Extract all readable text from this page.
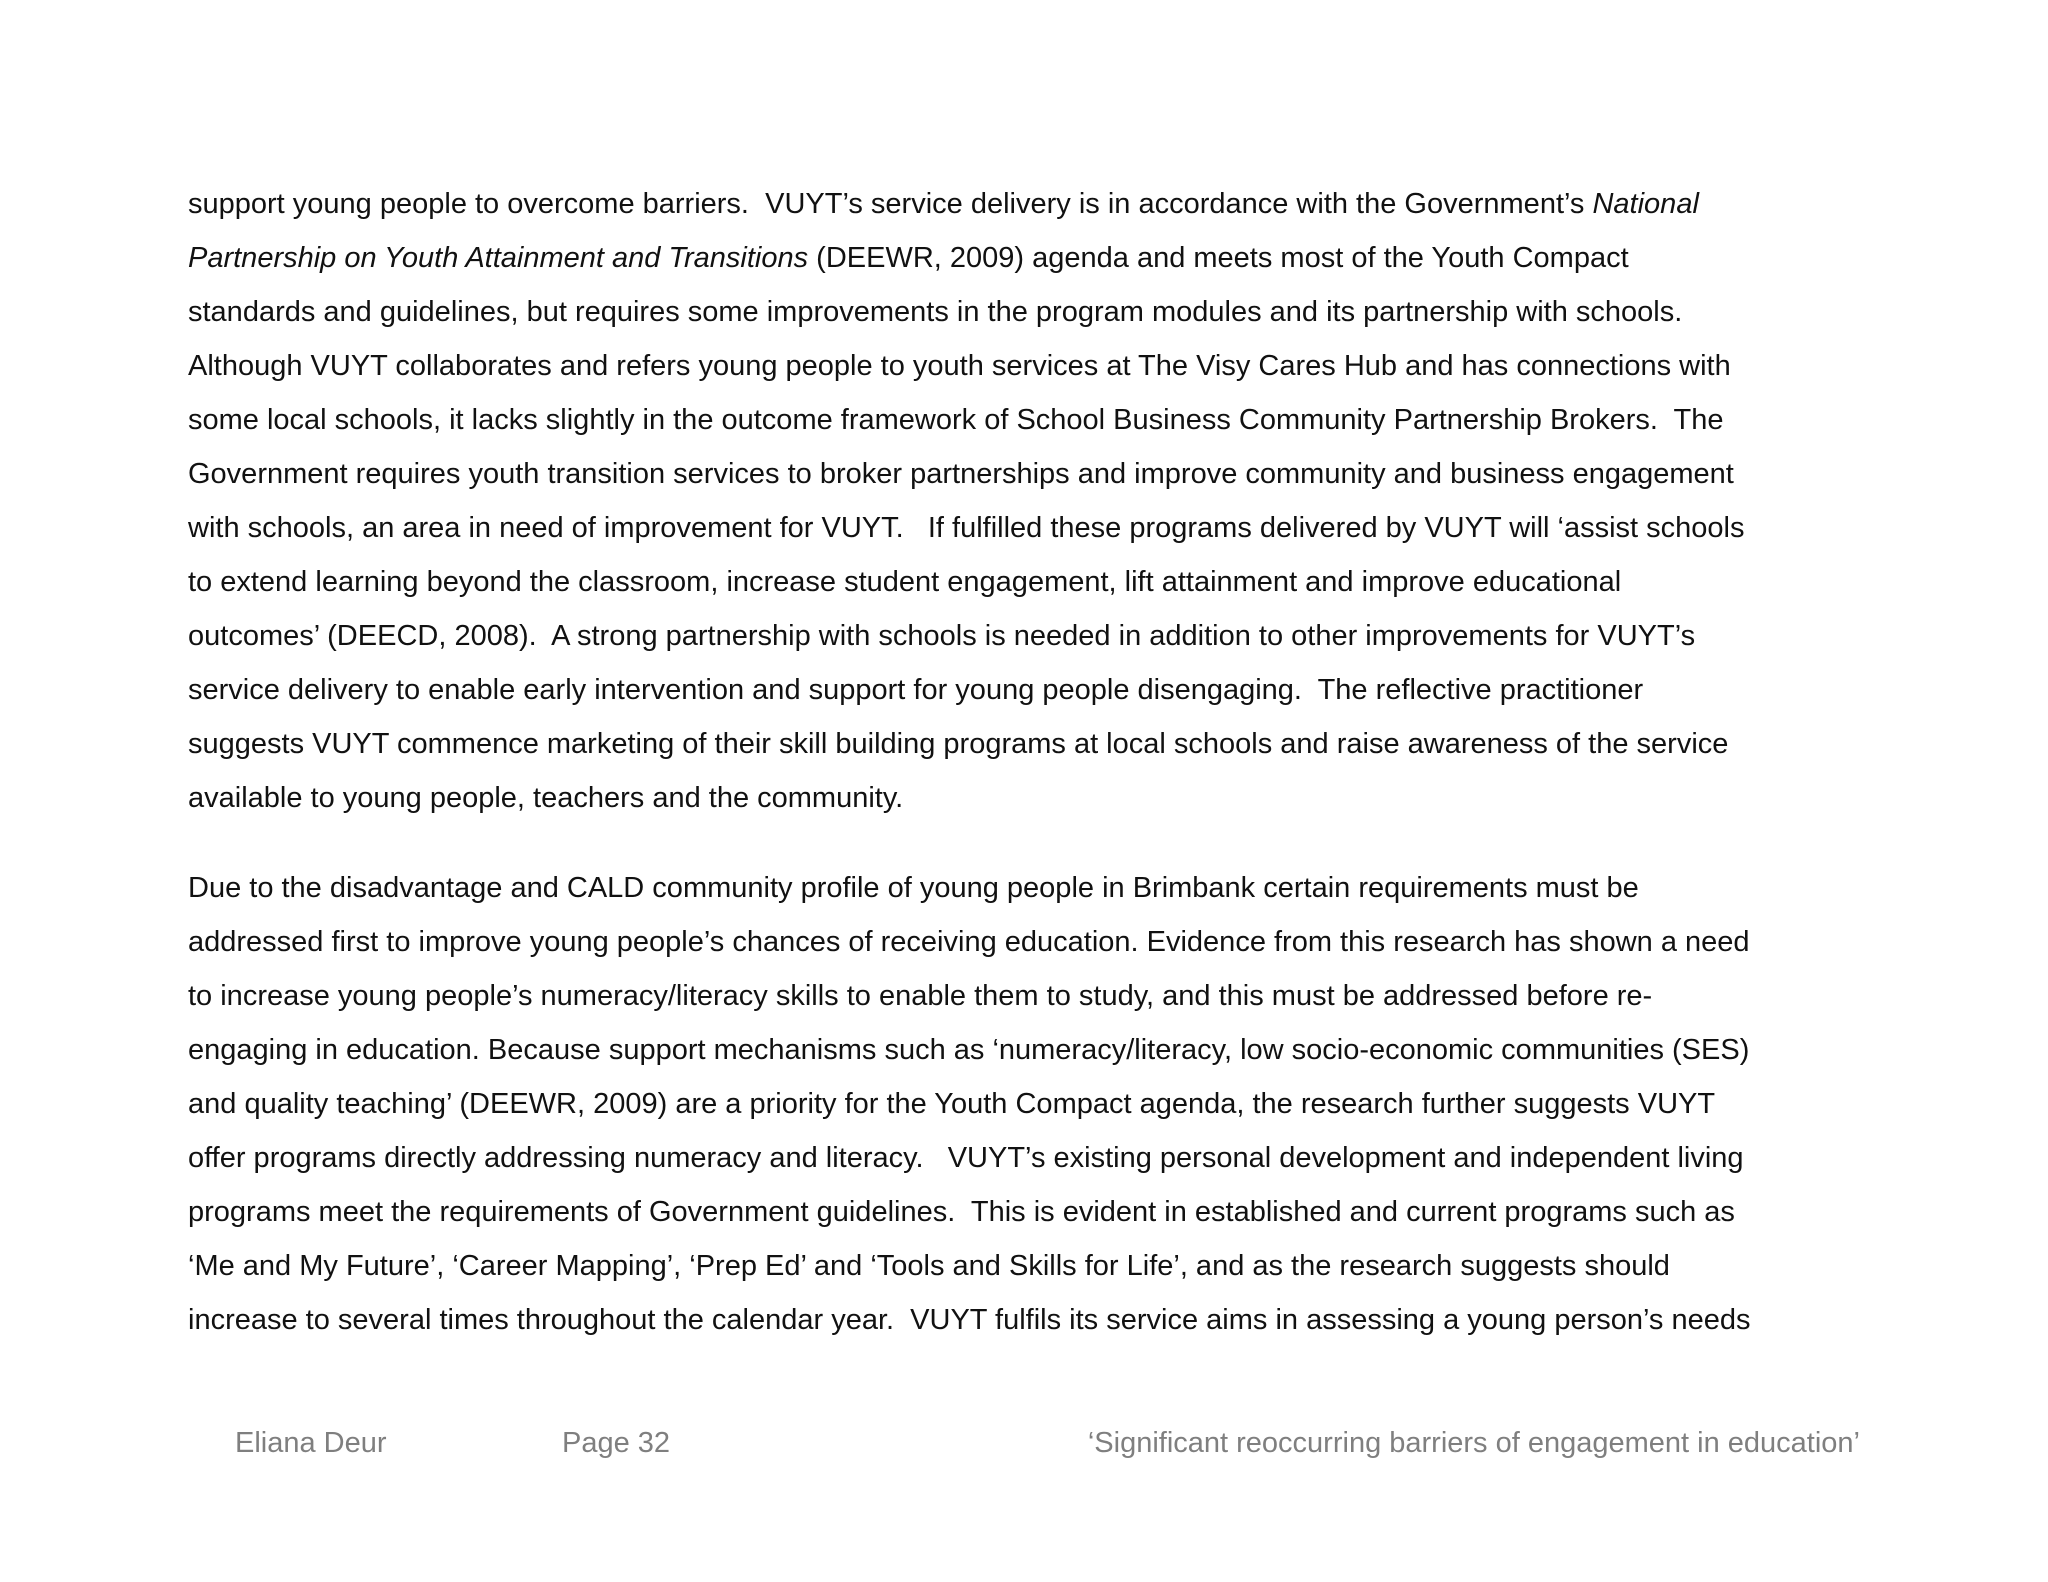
support young people to overcome barriers.  VUYT’s service delivery is in accordance with the Government’s National
Partnership on Youth Attainment and Transitions (DEEWR, 2009) agenda and meets most of the Youth Compact
standards and guidelines, but requires some improvements in the program modules and its partnership with schools.
Although VUYT collaborates and refers young people to youth services at The Visy Cares Hub and has connections with
some local schools, it lacks slightly in the outcome framework of School Business Community Partnership Brokers.  The
Government requires youth transition services to broker partnerships and improve community and business engagement
with schools, an area in need of improvement for VUYT.   If fulfilled these programs delivered by VUYT will ‘assist schools
to extend learning beyond the classroom, increase student engagement, lift attainment and improve educational
outcomes’ (DEECD, 2008).  A strong partnership with schools is needed in addition to other improvements for VUYT’s
service delivery to enable early intervention and support for young people disengaging.  The reflective practitioner
suggests VUYT commence marketing of their skill building programs at local schools and raise awareness of the service
available to young people, teachers and the community.
Due to the disadvantage and CALD community profile of young people in Brimbank certain requirements must be
addressed first to improve young people’s chances of receiving education. Evidence from this research has shown a need
to increase young people’s numeracy/literacy skills to enable them to study, and this must be addressed before re-
engaging in education. Because support mechanisms such as ‘numeracy/literacy, low socio-economic communities (SES)
and quality teaching’ (DEEWR, 2009) are a priority for the Youth Compact agenda, the research further suggests VUYT
offer programs directly addressing numeracy and literacy.   VUYT’s existing personal development and independent living
programs meet the requirements of Government guidelines.  This is evident in established and current programs such as
‘Me and My Future’, ‘Career Mapping’, ‘Prep Ed’ and ‘Tools and Skills for Life’, and as the research suggests should
increase to several times throughout the calendar year.  VUYT fulfils its service aims in assessing a young person’s needs
Eliana Deur	Page 32	‘Significant reoccurring barriers of engagement in education’
